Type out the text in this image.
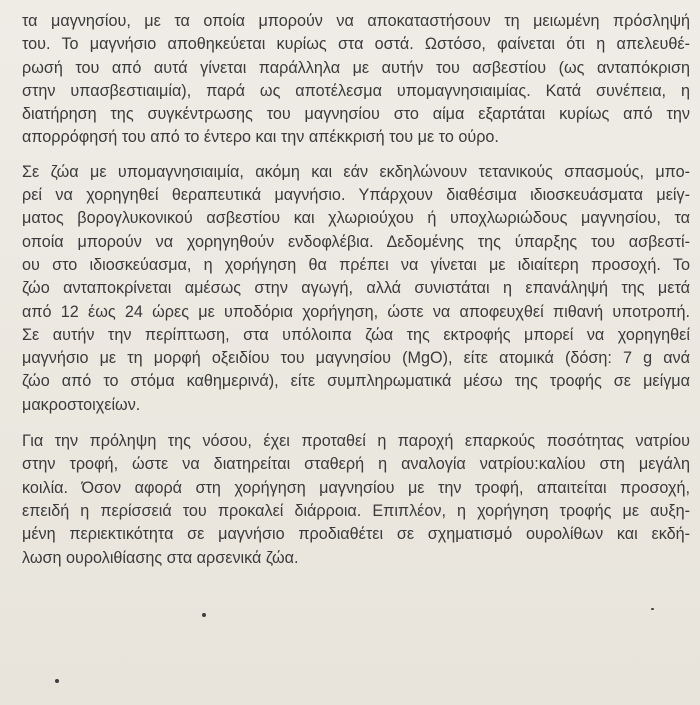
τα μαγνησίου, με τα οποία μπορούν να αποκαταστήσουν τη μειωμένη πρόσληψή
του. Το μαγνήσιο αποθηκεύεται κυρίως στα οστά. Ωστόσο, φαίνεται ότι η απελευθέ-
ρωσή του από αυτά γίνεται παράλληλα με αυτήν του ασβεστίου (ως ανταπόκριση
στην υπασβεστιαιμία), παρά ως αποτέλεσμα υπομαγνησιαιμίας. Κατά συνέπεια, η
διατήρηση της συγκέντρωσης του μαγνησίου στο αίμα εξαρτάται κυρίως από την
απορρόφησή του από το έντερο και την απέκκρισή του με το ούρο.
Σε ζώα με υπομαγνησιαιμία, ακόμη και εάν εκδηλώνουν τετανικούς σπασμούς, μπο-
ρεί να χορηγηθεί θεραπευτικά μαγνήσιο. Υπάρχουν διαθέσιμα ιδιοσκευάσματα μείγ-
ματος βορογλυκονικού ασβεστίου και χλωριούχου ή υποχλωριώδους μαγνησίου, τα
οποία μπορούν να χορηγηθούν ενδοφλέβια. Δεδομένης της ύπαρξης του ασβεστί-
ου στο ιδιοσκεύασμα, η χορήγηση θα πρέπει να γίνεται με ιδιαίτερη προσοχή. Το
ζώο ανταποκρίνεται αμέσως στην αγωγή, αλλά συνιστάται η επανάληψή της μετά
από 12 έως 24 ώρες με υποδόρια χορήγηση, ώστε να αποφευχθεί πιθανή υποτροπή.
Σε αυτήν την περίπτωση, στα υπόλοιπα ζώα της εκτροφής μπορεί να χορηγηθεί
μαγνήσιο με τη μορφή οξειδίου του μαγνησίου (MgO), είτε ατομικά (δόση: 7 g ανά
ζώο από το στόμα καθημερινά), είτε συμπληρωματικά μέσω της τροφής σε μείγμα
μακροστοιχείων.
Για την πρόληψη της νόσου, έχει προταθεί η παροχή επαρκούς ποσότητας νατρίου
στην τροφή, ώστε να διατηρείται σταθερή η αναλογία νατρίου:καλίου στη μεγάλη
κοιλία. Όσον αφορά στη χορήγηση μαγνησίου με την τροφή, απαιτείται προσοχή,
επειδή η περίσσειά του προκαλεί διάρροια. Επιπλέον, η χορήγηση τροφής με αυξη-
μένη περιεκτικότητα σε μαγνήσιο προδιαθέτει σε σχηματισμό ουρολίθων και εκδή-
λωση ουρολιθίασης στα αρσενικά ζώα.
